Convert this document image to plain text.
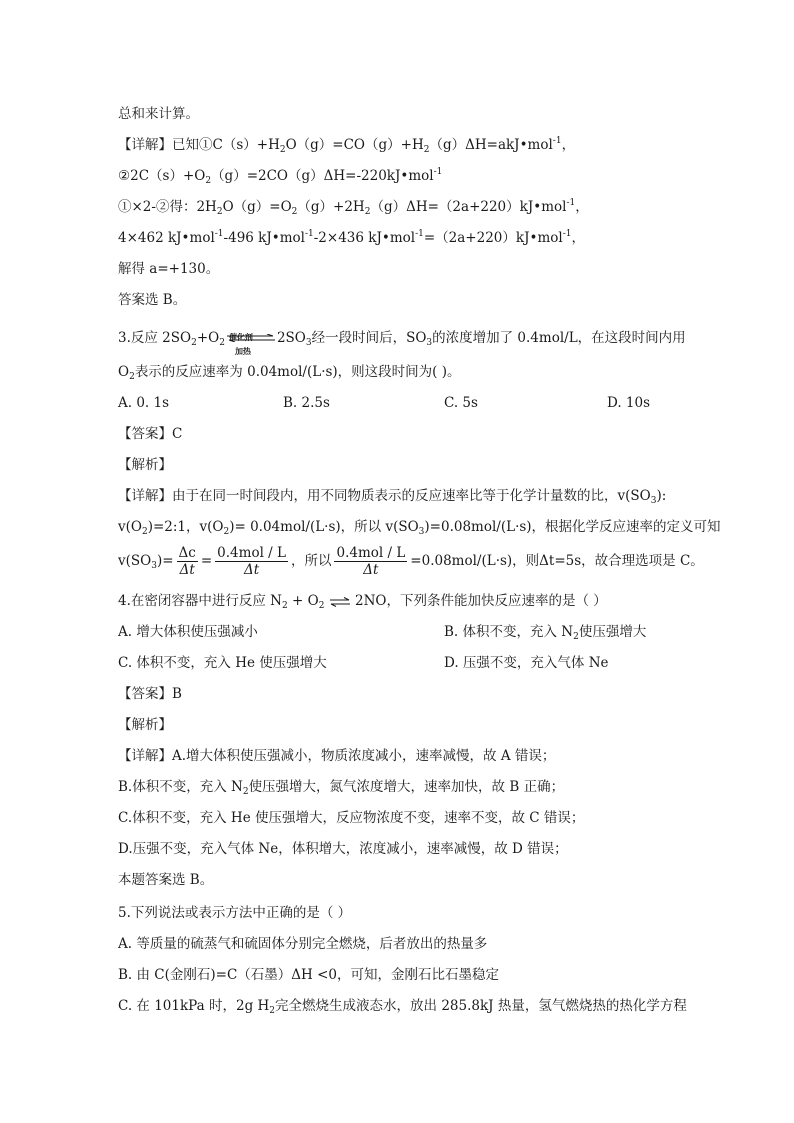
总和来计算。
【详解】已知$①C(s)+H_2O(g)=CO(g)+H_2(g)\Delta H=akJ•mol^{-1}$，
$②2C(s)+O_2(g)=2CO(g)\Delta H=-220kJ•mol^{-1}$
①×2-②得：$2H_2O(g)=O_2(g)+2H_2(g)\Delta H=(2a+220)kJ•mol^{-1}$，
4×462 kJ•mol$^{-1}$-496 kJ•mol$^{-1}$-2×436 kJ•mol$^{-1}$=（2a+220）kJ•mol$^{-1}$，
解得 a=+130。
答案选 B。
3.反应 $2SO_2+O_2$
催化剂
加热
$2SO_3$经一段时间后，$SO_3$的浓度增加了 0.4mol/L，在这段时间内用
$O_2$表示的反应速率为 0.04mol/(L·s)，则这段时间为( )。
A. 0. 1s	B. 2.5s	C. 5s	D. 10s
【答案】C
【解析】
【详解】由于在同一时间段内，用不同物质表示的反应速率比等于化学计量数的比，$v(SO_3)$:
$v(O_2)=2:1$，$v(O_2)= 0.04mol/(L\cdot s)$，所以 $v(SO_3)=0.08mol/(L\cdot s)$，根据化学反应速率的定义可知
$v(SO_3)= \frac{\Delta c}{\Delta t} = \frac{\text{0.4mol / L}}{\Delta t}$ ，所以 $\frac{\text{0.4mol / L}}{\Delta t} =0.08mol/(L\cdot s)$，则Δt=5s，故合理选项是 C。
4.在密闭容器中进行反应 $N_2 + O_2$ ⇌ 2NO，下列条件能加快反应速率的是（ ）
A. 增大体积使压强减小	B. 体积不变，充入 $N_2$使压强增大
C. 体积不变，充入 He 使压强增大	D. 压强不变，充入气体 Ne
【答案】B
【解析】
【详解】A.增大体积使压强减小，物质浓度减小，速率减慢，故 A 错误；
B.体积不变，充入 $N_2$使压强增大，氮气浓度增大，速率加快，故 B 正确；
C.体积不变，充入 He 使压强增大，反应物浓度不变，速率不变，故 C 错误；
D.压强不变，充入气体 Ne，体积增大，浓度减小，速率减慢，故 D 错误；
本题答案选 B。
5.下列说法或表示方法中正确的是（ ）
A. 等质量的硫蒸气和硫固体分别完全燃烧，后者放出的热量多
B. 由 C(金刚石)=C（石墨）ΔH <0，可知，金刚石比石墨稳定
C. 在 101kPa 时，2g $H_2$完全燃烧生成液态水，放出 285.8kJ 热量，氢气燃烧热的热化学方程
